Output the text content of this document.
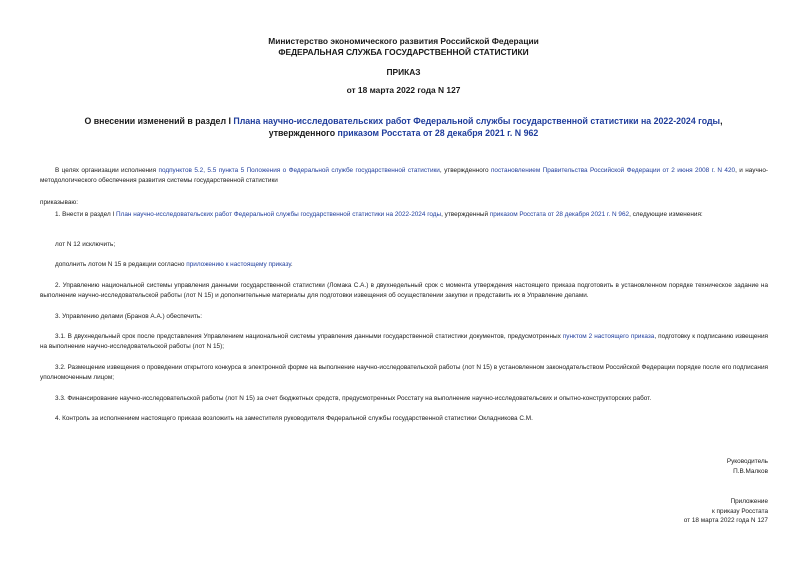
Министерство экономического развития Российской Федерации
ФЕДЕРАЛЬНАЯ СЛУЖБА ГОСУДАРСТВЕННОЙ СТАТИСТИКИ
ПРИКАЗ
от 18 марта 2022 года N 127
О внесении изменений в раздел I Плана научно-исследовательских работ Федеральной службы государственной статистики на 2022-2024 годы, утвержденного приказом Росстата от 28 декабря 2021 г. N 962
В целях организации исполнения подпунктов 5.2, 5.5 пункта 5 Положения о Федеральной службе государственной статистики, утвержденного постановлением Правительства Российской Федерации от 2 июня 2008 г. N 420, и научно-методологического обеспечения развития системы государственной статистики
приказываю:
1. Внести в раздел I План научно-исследовательских работ Федеральной службы государственной статистики на 2022-2024 годы, утвержденный приказом Росстата от 28 декабря 2021 г. N 962, следующие изменения:
лот N 12 исключить;
дополнить лотом N 15 в редакции согласно приложению к настоящему приказу.
2. Управлению национальной системы управления данными государственной статистики (Ломака С.А.) в двухнедельный срок с момента утверждения настоящего приказа подготовить в установленном порядке техническое задание на выполнение научно-исследовательской работы (лот N 15) и дополнительные материалы для подготовки извещения об осуществлении закупки и представить их в Управление делами.
3. Управлению делами (Бранов А.А.) обеспечить:
3.1. В двухнедельный срок после представления Управлением национальной системы управления данными государственной статистики документов, предусмотренных пунктом 2 настоящего приказа, подготовку к подписанию извещения на выполнение научно-исследовательской работы (лот N 15);
3.2. Размещение извещения о проведении открытого конкурса в электронной форме на выполнение научно-исследовательской работы (лот N 15) в установленном законодательством Российской Федерации порядке после его подписания уполномоченным лицом;
3.3. Финансирование научно-исследовательской работы (лот N 15) за счет бюджетных средств, предусмотренных Росстату на выполнение научно-исследовательских и опытно-конструкторских работ.
4. Контроль за исполнением настоящего приказа возложить на заместителя руководителя Федеральной службы государственной статистики Окладникова С.М.
Руководитель
П.В.Малков
Приложение
к приказу Росстата
от 18 марта 2022 года N 127
